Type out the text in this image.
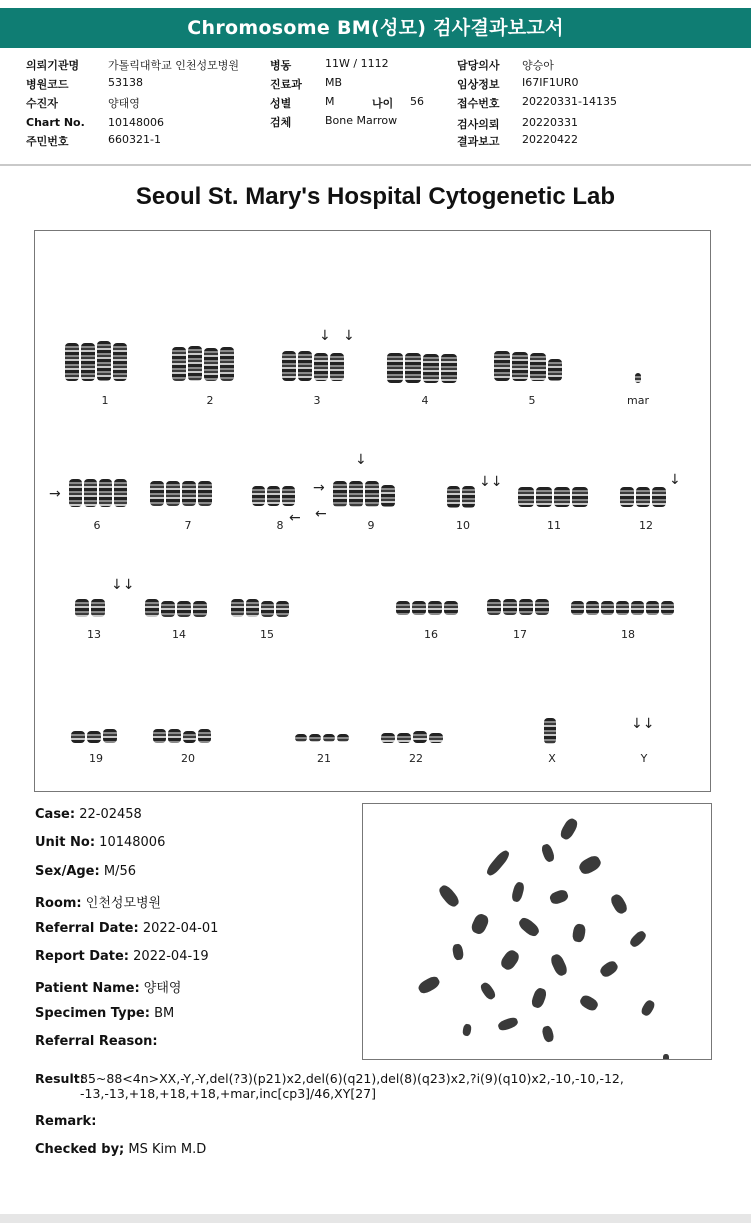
Chromosome BM(성모) 검사결과보고서
의뢰기관명	가톨릭대학교 인천성모병원
병원코드	53138
수진자	양태영
Chart No. 10148006
주민번호	660321-1
병동	11W / 1112
진료과 MB
성별	M	나이 56
검체	Bone Marrow
담당의사 양승아
임상정보 I67IF1UR0
접수번호 20220331-14135
검사의뢰 20220331
결과보고 20220422
Seoul St. Mary's Hospital Cytogenetic Lab
1	2	3	4	5	mar
↓ ↓
→	→
← ←
↓
↓↓	↓
6	7	8	9	10	11	12
↓↓
13	14	15	16	17	18
↓↓
19	20	21	22	X	Y
Case: 22-02458
Unit No: 10148006
Sex/Age: M/56
Room: 인천성모병원
Referral Date: 2022-04-01
Report Date: 2022-04-19
Patient Name: 양태영
Specimen Type: BM
Referral Reason:
Result:
85~88<4n>XX,-Y,-Y,del(?3)(p21)x2,del(6)(q21),del(8)(q23)x2,?i(9)(q10)x2,-10,-10,-12, -13,-13,+18,+18,+18,+mar,inc[cp3]/46,XY[27]
Remark:
Checked by; MS Kim M.D
